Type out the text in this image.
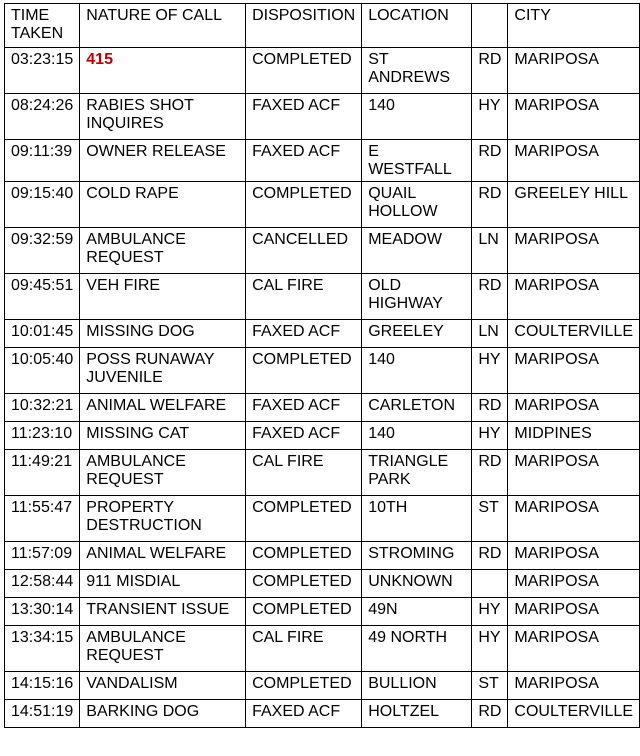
TIME TAKEN	NATURE OF CALL	DISPOSITION	LOCATION		CITY
03:23:15	415	COMPLETED	ST ANDREWS	RD	MARIPOSA
08:24:26	RABIES SHOT INQUIRES	FAXED ACF	140	HY	MARIPOSA
09:11:39	OWNER RELEASE	FAXED ACF	E WESTFALL	RD	MARIPOSA
09:15:40	COLD RAPE	COMPLETED	QUAIL HOLLOW	RD	GREELEY HILL
09:32:59	AMBULANCE REQUEST	CANCELLED	MEADOW	LN	MARIPOSA
09:45:51	VEH FIRE	CAL FIRE	OLD HIGHWAY	RD	MARIPOSA
10:01:45	MISSING DOG	FAXED ACF	GREELEY	LN	COULTERVILLE
10:05:40	POSS RUNAWAY JUVENILE	COMPLETED	140	HY	MARIPOSA
10:32:21	ANIMAL WELFARE	FAXED ACF	CARLETON	RD	MARIPOSA
11:23:10	MISSING CAT	FAXED ACF	140	HY	MIDPINES
11:49:21	AMBULANCE REQUEST	CAL FIRE	TRIANGLE PARK	RD	MARIPOSA
11:55:47	PROPERTY DESTRUCTION	COMPLETED	10TH	ST	MARIPOSA
11:57:09	ANIMAL WELFARE	COMPLETED	STROMING	RD	MARIPOSA
12:58:44	911 MISDIAL	COMPLETED	UNKNOWN		MARIPOSA
13:30:14	TRANSIENT ISSUE	COMPLETED	49N	HY	MARIPOSA
13:34:15	AMBULANCE REQUEST	CAL FIRE	49 NORTH	HY	MARIPOSA
14:15:16	VANDALISM	COMPLETED	BULLION	ST	MARIPOSA
14:51:19	BARKING DOG	FAXED ACF	HOLTZEL	RD	COULTERVILLE
